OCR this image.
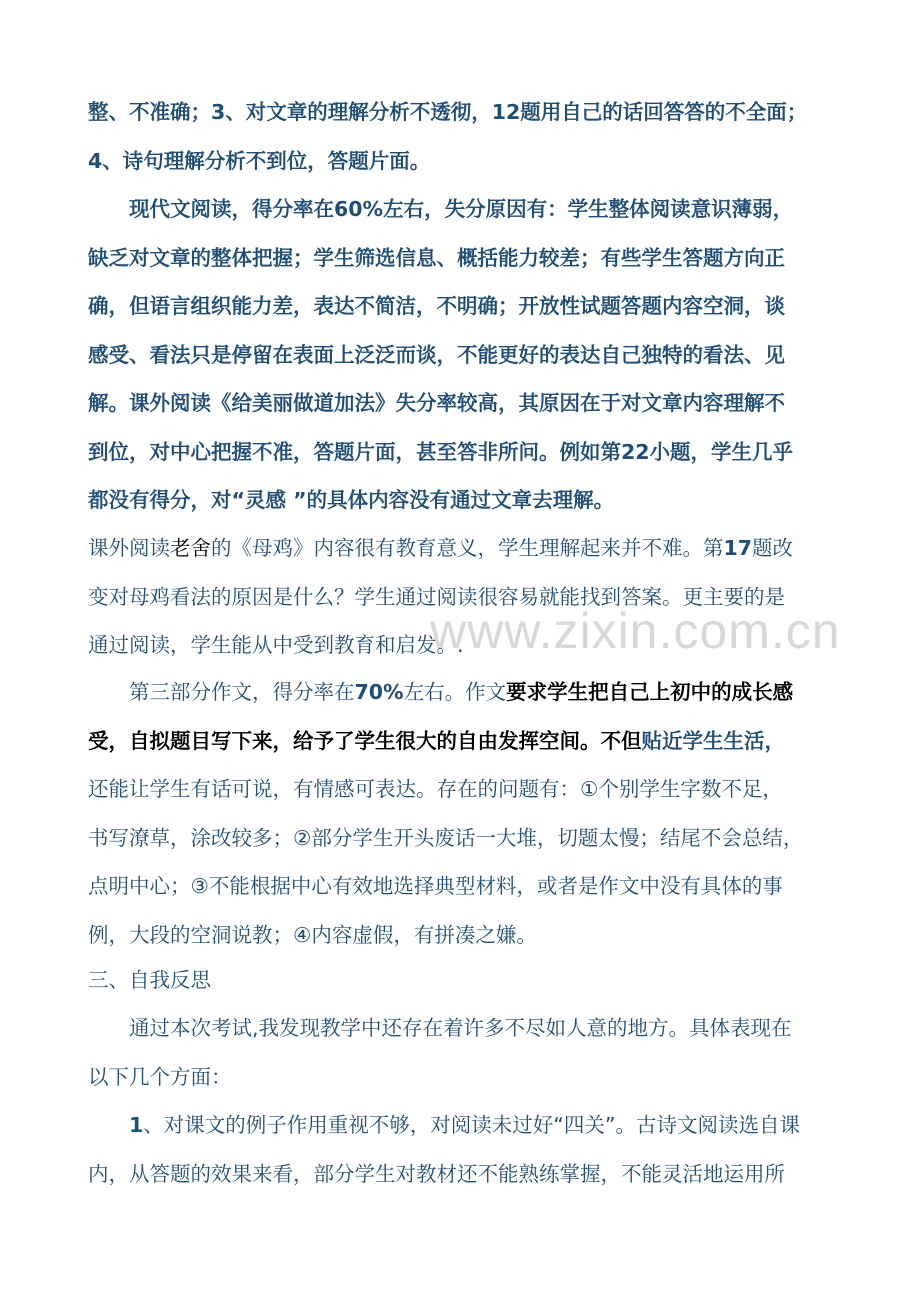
www.zixin.com.cn
整、不准确；3、对文章的理解分析不透彻，12题用自己的话回答答的不全面；
4、诗句理解分析不到位，答题片面。
现代文阅读，得分率在60%左右，失分原因有：学生整体阅读意识薄弱，
缺乏对文章的整体把握；学生筛选信息、概括能力较差；有些学生答题方向正
确，但语言组织能力差，表达不简洁，不明确；开放性试题答题内容空洞，谈
感受、看法只是停留在表面上泛泛而谈，不能更好的表达自己独特的看法、见
解。课外阅读《给美丽做道加法》失分率较高，其原因在于对文章内容理解不
到位，对中心把握不准，答题片面，甚至答非所问。例如第22小题，学生几乎
都没有得分，对“灵感 ”的具体内容没有通过文章去理解。
课外阅读老舍的《母鸡》内容很有教育意义，学生理解起来并不难。第17题改
变对母鸡看法的原因是什么？学生通过阅读很容易就能找到答案。更主要的是
通过阅读，学生能从中受到教育和启发。.
第三部分作文，得分率在70%左右。作文要求学生把自己上初中的成长感
受，自拟题目写下来，给予了学生很大的自由发挥空间。不但贴近学生生活，
还能让学生有话可说，有情感可表达。存在的问题有：①个别学生字数不足，
书写潦草，涂改较多；②部分学生开头废话一大堆，切题太慢；结尾不会总结，
点明中心；③不能根据中心有效地选择典型材料，或者是作文中没有具体的事
例，大段的空洞说教；④内容虚假，有拼凑之嫌。
三、自我反思
通过本次考试,我发现教学中还存在着许多不尽如人意的地方。具体表现在
以下几个方面：
1、对课文的例子作用重视不够，对阅读未过好“四关”。古诗文阅读选自课
内，从答题的效果来看，部分学生对教材还不能熟练掌握，不能灵活地运用所
